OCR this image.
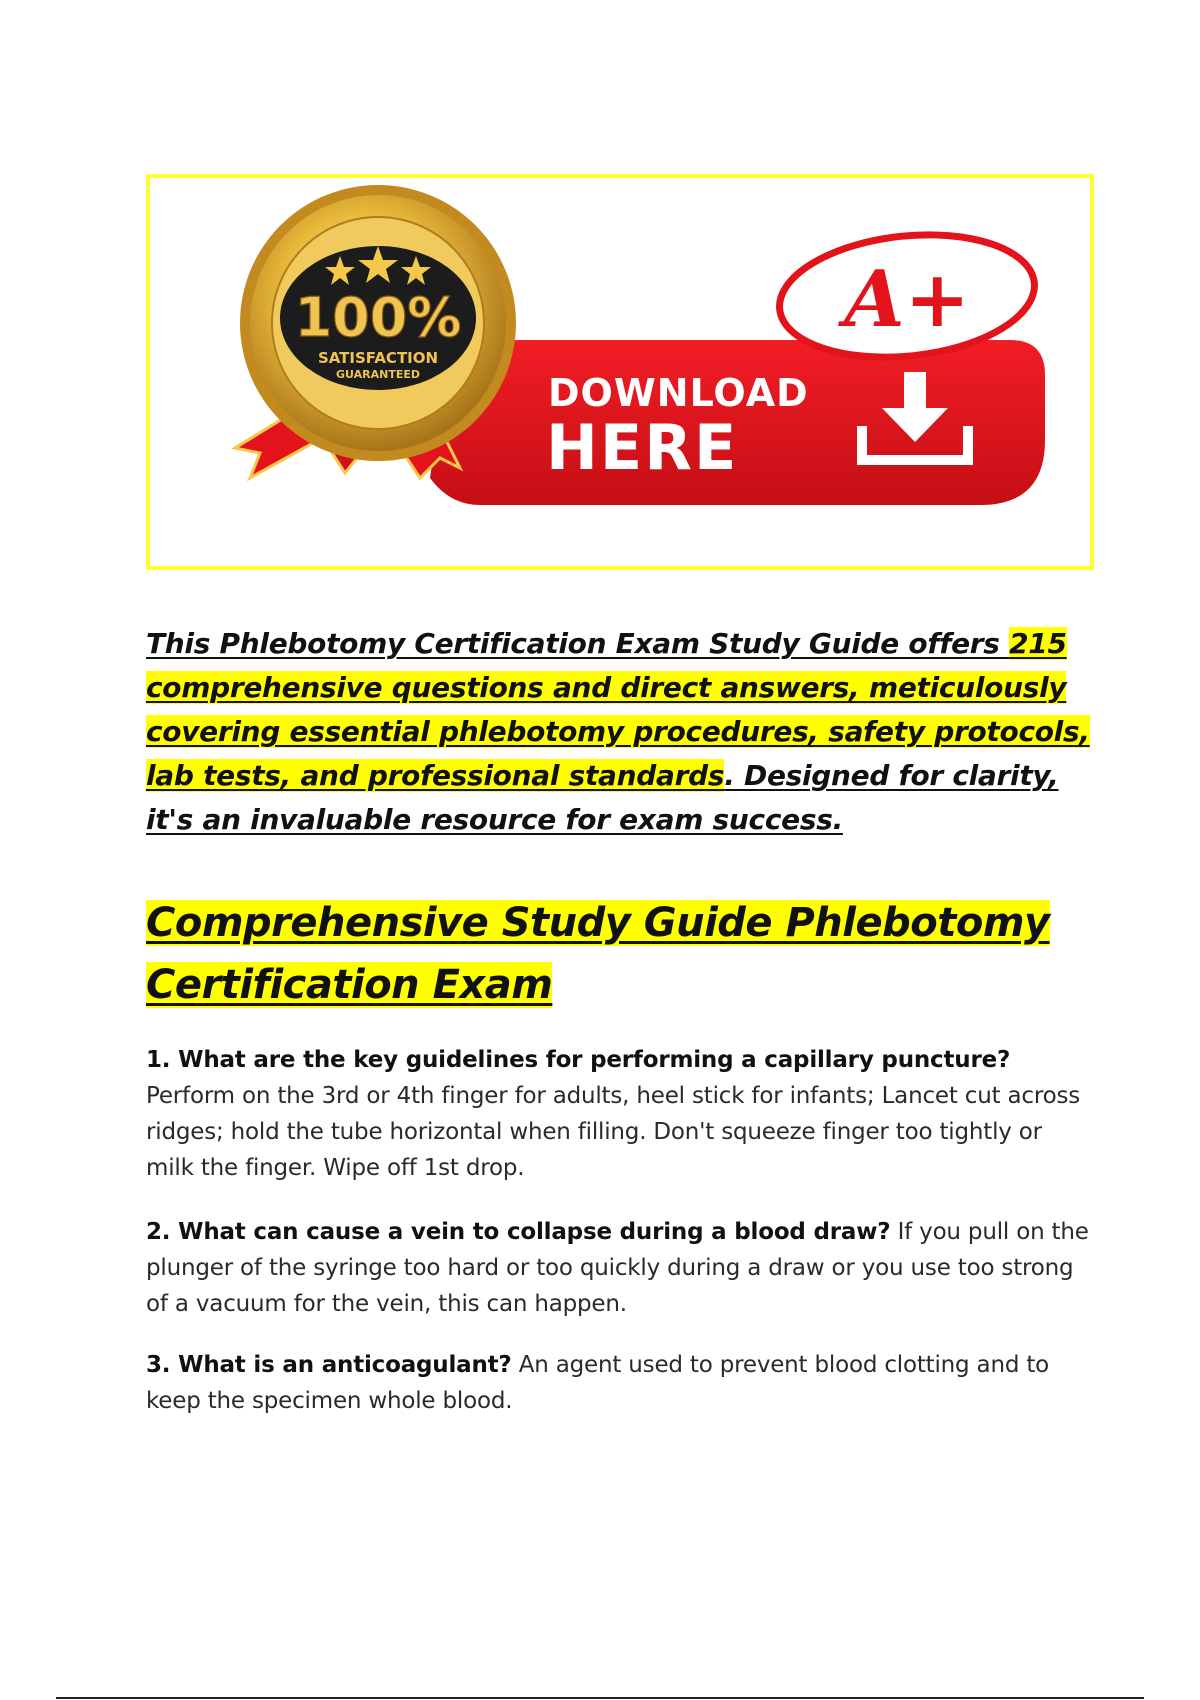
DOWNLOAD
HERE
A+
100%
SATISFACTION
GUARANTEED

This Phlebotomy Certification Exam Study Guide offers 215 comprehensive questions and direct answers, meticulously covering essential phlebotomy procedures, safety protocols, lab tests, and professional standards. Designed for clarity, it's an invaluable resource for exam success.

Comprehensive Study Guide Phlebotomy Certification Exam

1. What are the key guidelines for performing a capillary puncture? Perform on the 3rd or 4th finger for adults, heel stick for infants; Lancet cut across ridges; hold the tube horizontal when filling. Don't squeeze finger too tightly or milk the finger. Wipe off 1st drop.

2. What can cause a vein to collapse during a blood draw? If you pull on the plunger of the syringe too hard or too quickly during a draw or you use too strong of a vacuum for the vein, this can happen.

3. What is an anticoagulant? An agent used to prevent blood clotting and to keep the specimen whole blood.
